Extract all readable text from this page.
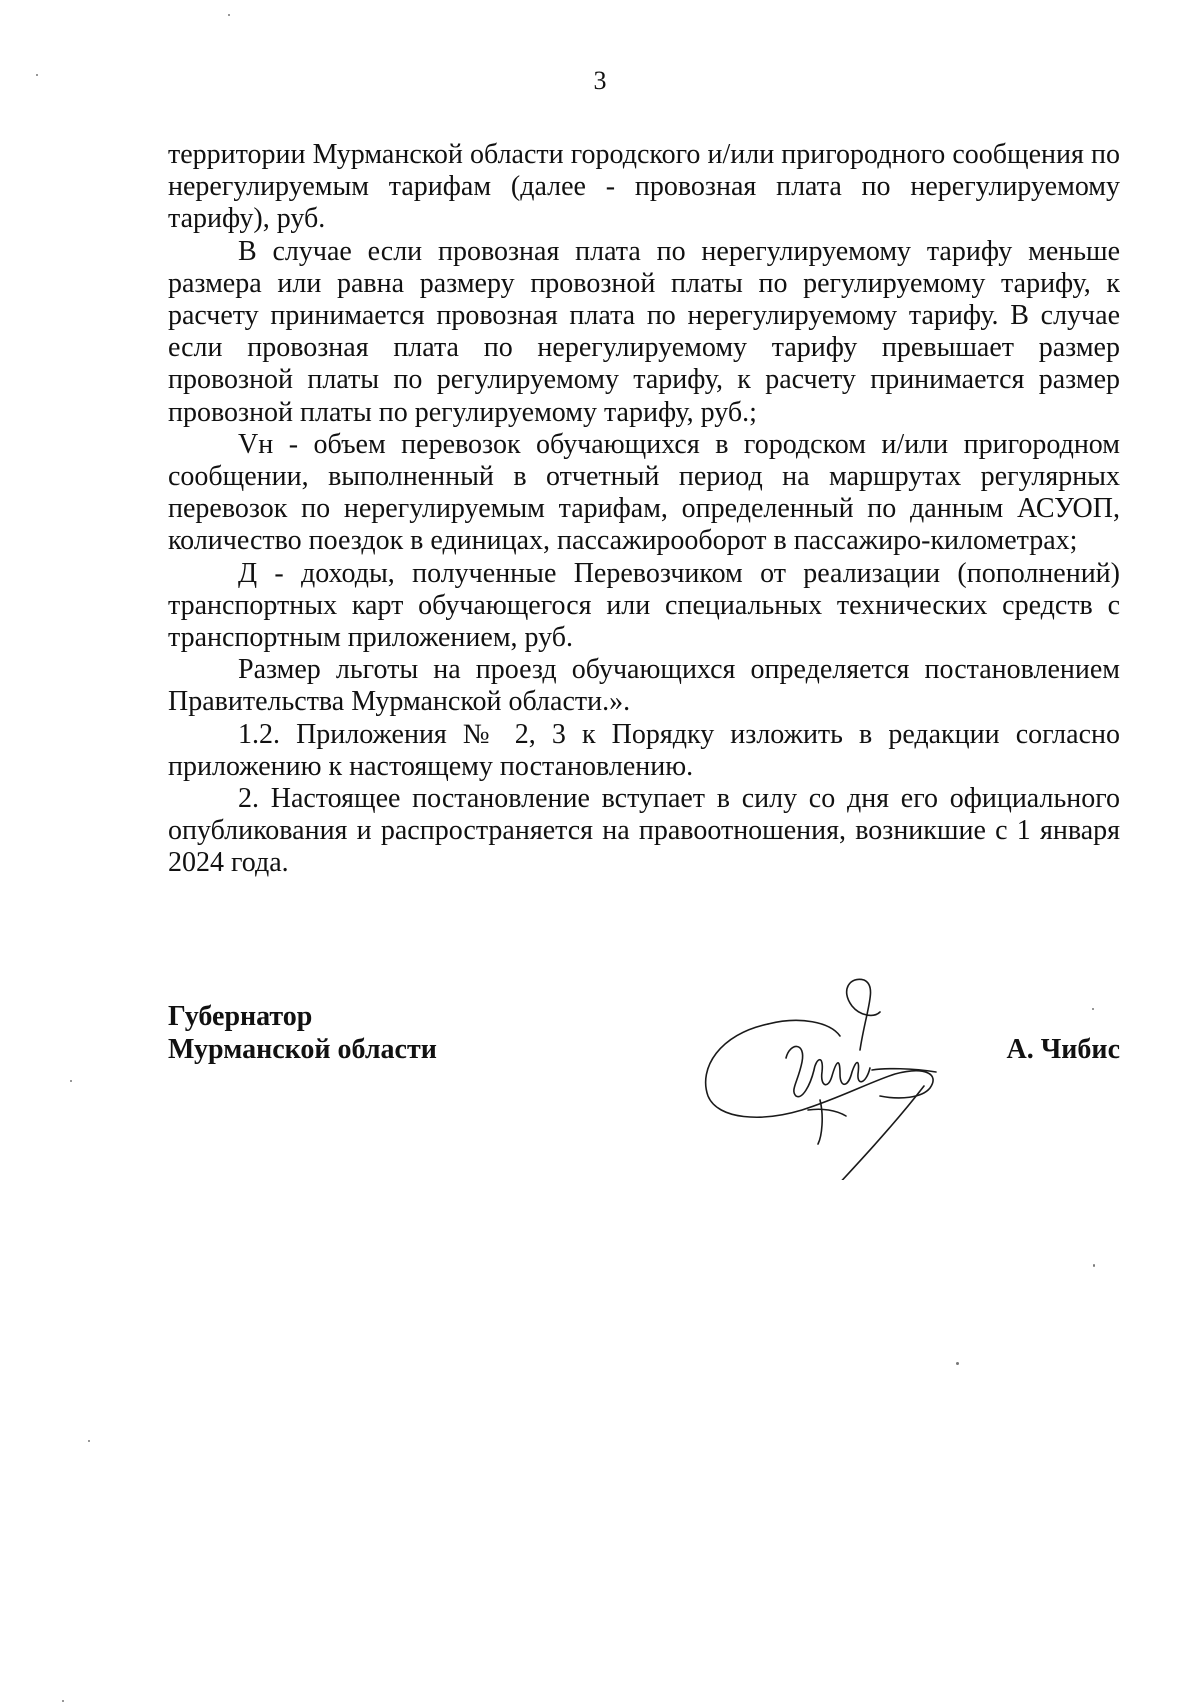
3

территории Мурманской области городского и/или пригородного сообщения по нерегулируемым тарифам (далее - провозная плата по нерегулируемому тарифу), руб.

В случае если провозная плата по нерегулируемому тарифу меньше размера или равна размеру провозной платы по регулируемому тарифу, к расчету принимается провозная плата по нерегулируемому тарифу. В случае если провозная плата по нерегулируемому тарифу превышает размер провозной платы по регулируемому тарифу, к расчету принимается размер провозной платы по регулируемому тарифу, руб.;

Vн - объем перевозок обучающихся в городском и/или пригородном сообщении, выполненный в отчетный период на маршрутах регулярных перевозок по нерегулируемым тарифам, определенный по данным АСУОП, количество поездок в единицах, пассажирооборот в пассажиро-километрах;

Д - доходы, полученные Перевозчиком от реализации (пополнений) транспортных карт обучающегося или специальных технических средств с транспортным приложением, руб.

Размер льготы на проезд обучающихся определяется постановлением Правительства Мурманской области.».

1.2. Приложения № 2, 3 к Порядку изложить в редакции согласно приложению к настоящему постановлению.

2. Настоящее постановление вступает в силу со дня его официального опубликования и распространяется на правоотношения, возникшие с 1 января 2024 года.

Губернатор
Мурманской области	А. Чибис
